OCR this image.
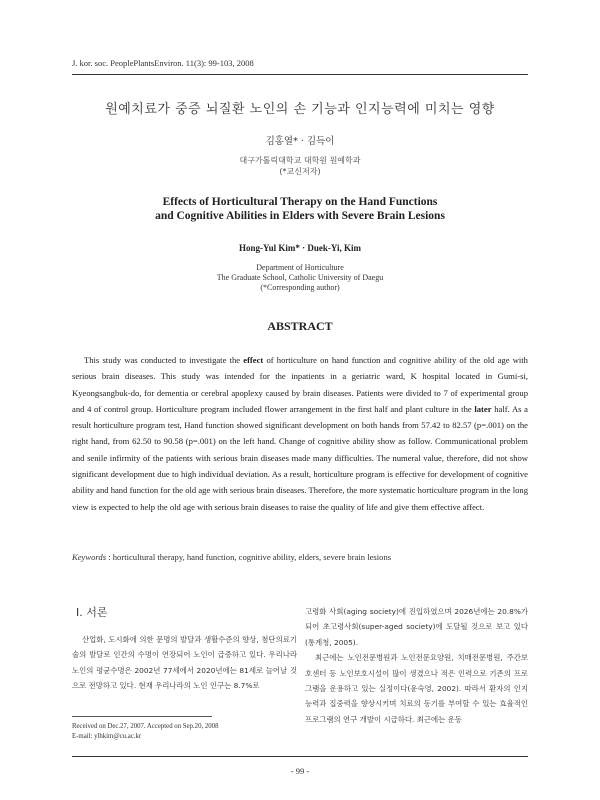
J. kor. soc. PeoplePlantsEnviron. 11(3): 99-103, 2008
원예치료가 중증 뇌질환 노인의 손 기능과 인지능력에 미치는 영향
김홍열* · 김득이
대구가톨릭대학교 대학원 원예학과
(*교신저자)
Effects of Horticultural Therapy on the Hand Functions
and Cognitive Abilities in Elders with Severe Brain Lesions
Hong-Yul Kim* · Duek-Yi, Kim
Department of Horticulture
The Graduate School, Catholic University of Daegu
(*Corresponding author)
ABSTRACT

This study was conducted to investigate the effect of horticulture on hand function and cognitive ability of the old age with serious brain diseases. This study was intended for the inpatients in a geriatric ward, K hospital located in Gumi-si, Kyeongsangbuk-do, for dementia or cerebral apoplexy caused by brain diseases. Patients were divided to 7 of experimental group and 4 of control group. Horticulture program included flower arrangement in the first half and plant culture in the later half. As a result horticulture program test, Hand function showed significant development on both hands from 57.42 to 82.57 (p=.001) on the right hand, from 62.50 to 90.58 (p=.001) on the left hand. Change of cognitive ability show as follow. Communicational problem and senile infirmity of the patients with serious brain diseases made many difficulties. The numeral value, therefore, did not show significant development due to high individual deviation. As a result, horticulture program is effective for development of cognitive ability and hand function for the old age with serious brain diseases. Therefore, the more systematic horticulture program in the long view is expected to help the old age with serious brain diseases to raise the quality of life and give them effective affect.

Keywords : horticultural therapy, hand function, cognitive ability, elders, severe brain lesions
Ⅰ. 서론

산업화, 도시화에 의한 문명의 발달과 생활수준의 향상, 첨단의료기술의 발달로 인간의 수명이 연장되어 노인이 급증하고 있다. 우리나라 노인의 평균수명은 2002년 77세에서 2020년에는 81세로 늘어날 것으로 전망하고 있다. 현재 우리나라의 노인 인구는 8.7%로

고령화 사회(aging society)에 진입하였으며 2026년에는 20.8%가 되어 초고령사회(super-aged society)에 도달될 것으로 보고 있다(통계청, 2005).

최근에는 노인전문병원과 노인전문요양원, 치매전문병원, 주간보호센터 등 노인보호시설이 많이 생겼으나 적은 인력으로 기존의 프로그램을 운용하고 있는 실정이다(윤숙영, 2002). 따라서 환자의 인지능력과 집중력을 향상시키며 치료의 동기를 부여할 수 있는 효율적인 프로그램의 연구 개발이 시급하다. 최근에는 운동

Received on Dec.27, 2007. Accepted on Sep.20, 2008
E-mail: ylhkim@cu.ac.kr
- 99 -
